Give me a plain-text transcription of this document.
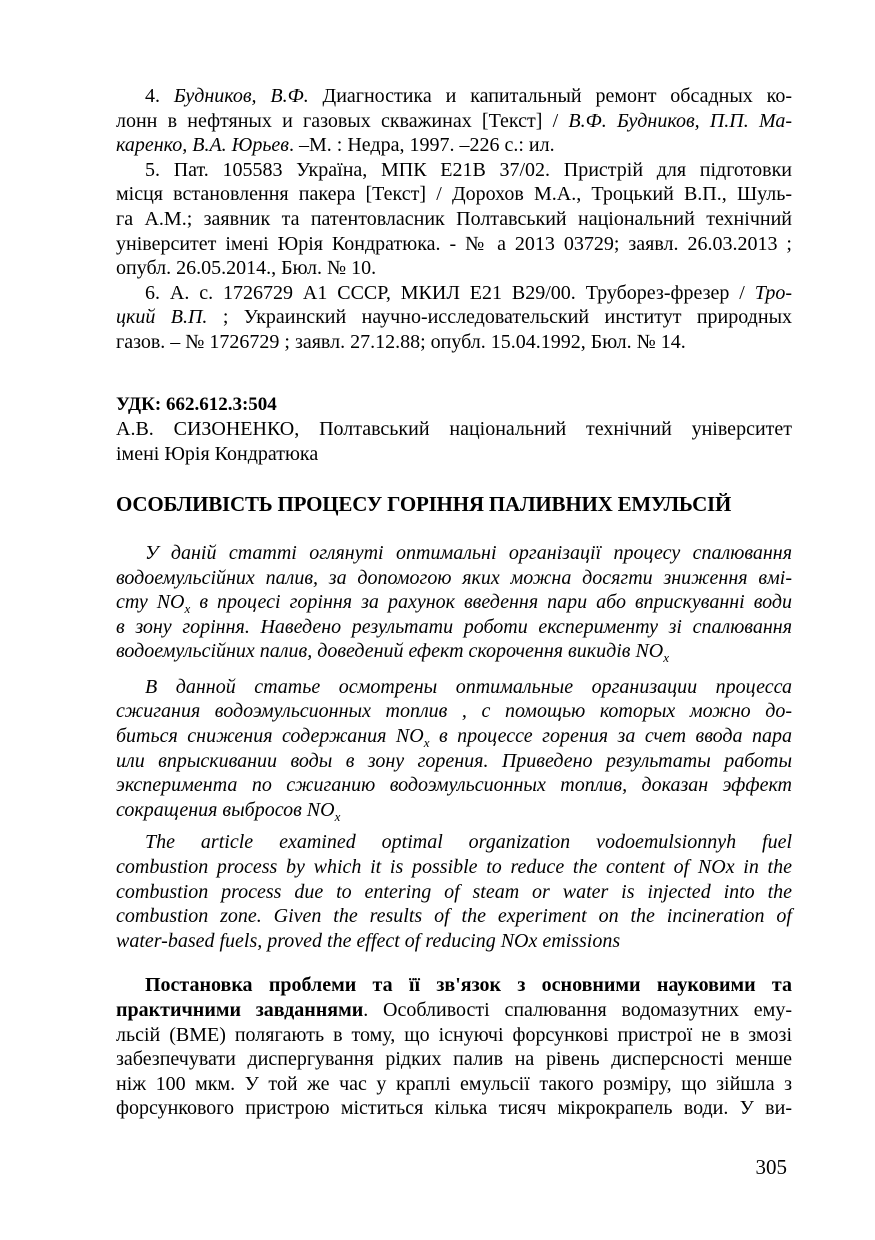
4. Будников, В.Ф. Диагностика и капитальный ремонт обсадных ко-
лонн в нефтяных и газовых скважинах [Текст] / В.Ф. Будников, П.П. Ма-
каренко, В.А. Юрьев. –М. : Недра, 1997. –226 с.: ил.
5. Пат. 105583 Україна, МПК Е21В 37/02. Пристрій для підготовки
місця встановлення пакера [Текст] / Дорохов М.А., Троцький В.П., Шуль-
га А.М.; заявник та патентовласник Полтавський національний технічний
університет імені Юрія Кондратюка. - № а 2013 03729; заявл. 26.03.2013 ;
опубл. 26.05.2014., Бюл. № 10.
6. А. с. 1726729 А1 СССР, МКИЛ Е21 В29/00. Труборез-фрезер / Тро-
цкий В.П. ; Украинский научно-исследовательский институт природных
газов. – № 1726729 ; заявл. 27.12.88; опубл. 15.04.1992, Бюл. № 14.
УДК: 662.612.3:504
А.В. СИЗОНЕНКО, Полтавський національний технічний університет
імені Юрія Кондратюка
ОСОБЛИВІСТЬ ПРОЦЕСУ ГОРІННЯ ПАЛИВНИХ ЕМУЛЬСІЙ
У даній статті оглянуті оптимальні організації процесу спалювання
водоемульсійних палив, за допомогою яких можна досягти зниження вмі-
сту $NO_x$ в процесі горіння за рахунок введення пари або вприскуванні води
в зону горіння. Наведено результати роботи експерименту зі спалювання
водоемульсійних палив, доведений ефект скорочення викидів $NO_x$
В данной статье осмотрены оптимальные организации процесса
сжигания водоэмульсионных топлив , с помощью которых можно до-
биться снижения содержания $NO_x$ в процессе горения за счет ввода пара
или впрыскивании воды в зону горения. Приведено результаты работы
эксперимента по сжиганию водоэмульсионных топлив, доказан эффект
сокращения выбросов $NO_x$
The article examined optimal organization vodoemulsionnyh fuel
combustion process by which it is possible to reduce the content of NOx in the
combustion process due to entering of steam or water is injected into the
combustion zone. Given the results of the experiment on the incineration of
water-based fuels, proved the effect of reducing NOx emissions
Постановка проблеми та її зв'язок з основними науковими та
практичними завданнями. Особливості спалювання водомазутних ему-
льсій (ВМЕ) полягають в тому, що існуючі форсункові пристрої не в змозі
забезпечувати диспергування рідких палив на рівень дисперсності менше
ніж 100 мкм. У той же час у краплі емульсії такого розміру, що зійшла з
форсункового пристрою міститься кілька тисяч мікрокрапель води. У ви-
305
